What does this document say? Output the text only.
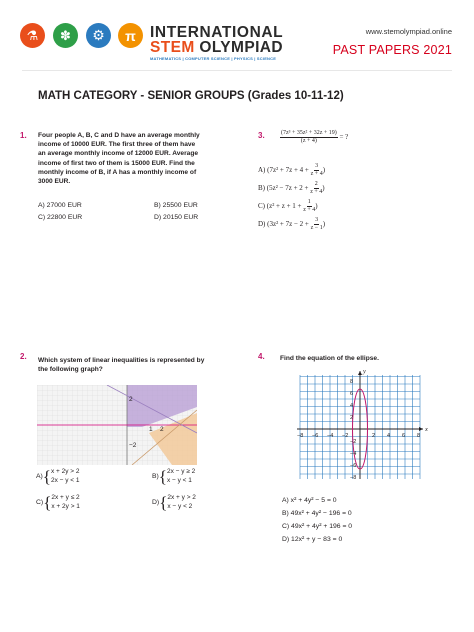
⚗	✽	⚙	π INTERNATIONAL
STEM OLYMPIAD
MATHEMATICS | COMPUTER SCIENCE | PHYSICS | SCIENCE
www.stemolympiad.online
PAST PAPERS 2021
MATH CATEGORY - SENIOR GROUPS (Grades 10-11-12)
1. Four people A, B, C and D have an average monthly
income of 10000 EUR. The first three of them have
an average monthly income of 12000 EUR. Average
income of first two of them is 15000 EUR. Find the
monthly income of B, if A has a monthly income of
3000 EUR.
A) 27000 EUR	B) 25500 EUR
C) 22800 EUR	D) 20150 EUR
3.	$\frac{\text{(7z³ + 35z² + 32z + 19)}}{(z + 4)}$ = ?
A) ($7z^2 + 7z + 4 + \frac{3}{z + 4}$ )
B) ($5z^2 - 7z + 2 + \frac{2}{z + 4}$ )
C) ($z^2 + z + 1 + \frac{1}{z + 4}$ )
D) ($3z^2 + 7z - 2 + \frac{3}{z - 1}$ )
2. Which system of linear inequalities is represented by
the following graph?
2
−2
1 2
A) { x + 2y > 2
2x − y < 1	B) { 2x − y ≥ 2
x − y < 1
C) { 2x + y ≤ 2
x + 2y > 1	D) { 2x + y > 2
x − y < 2
4. Find the equation of the ellipse.
x
y
−8 −6 −4 −2	2 4 6 8
8
6
4
2
−2
−4
−6
−8
A) x² + 4y² − 5 = 0
B) 49x² + 4y² − 196 = 0
C) 49x² + 4y² + 196 = 0
D) 12x² + y − 83 = 0
